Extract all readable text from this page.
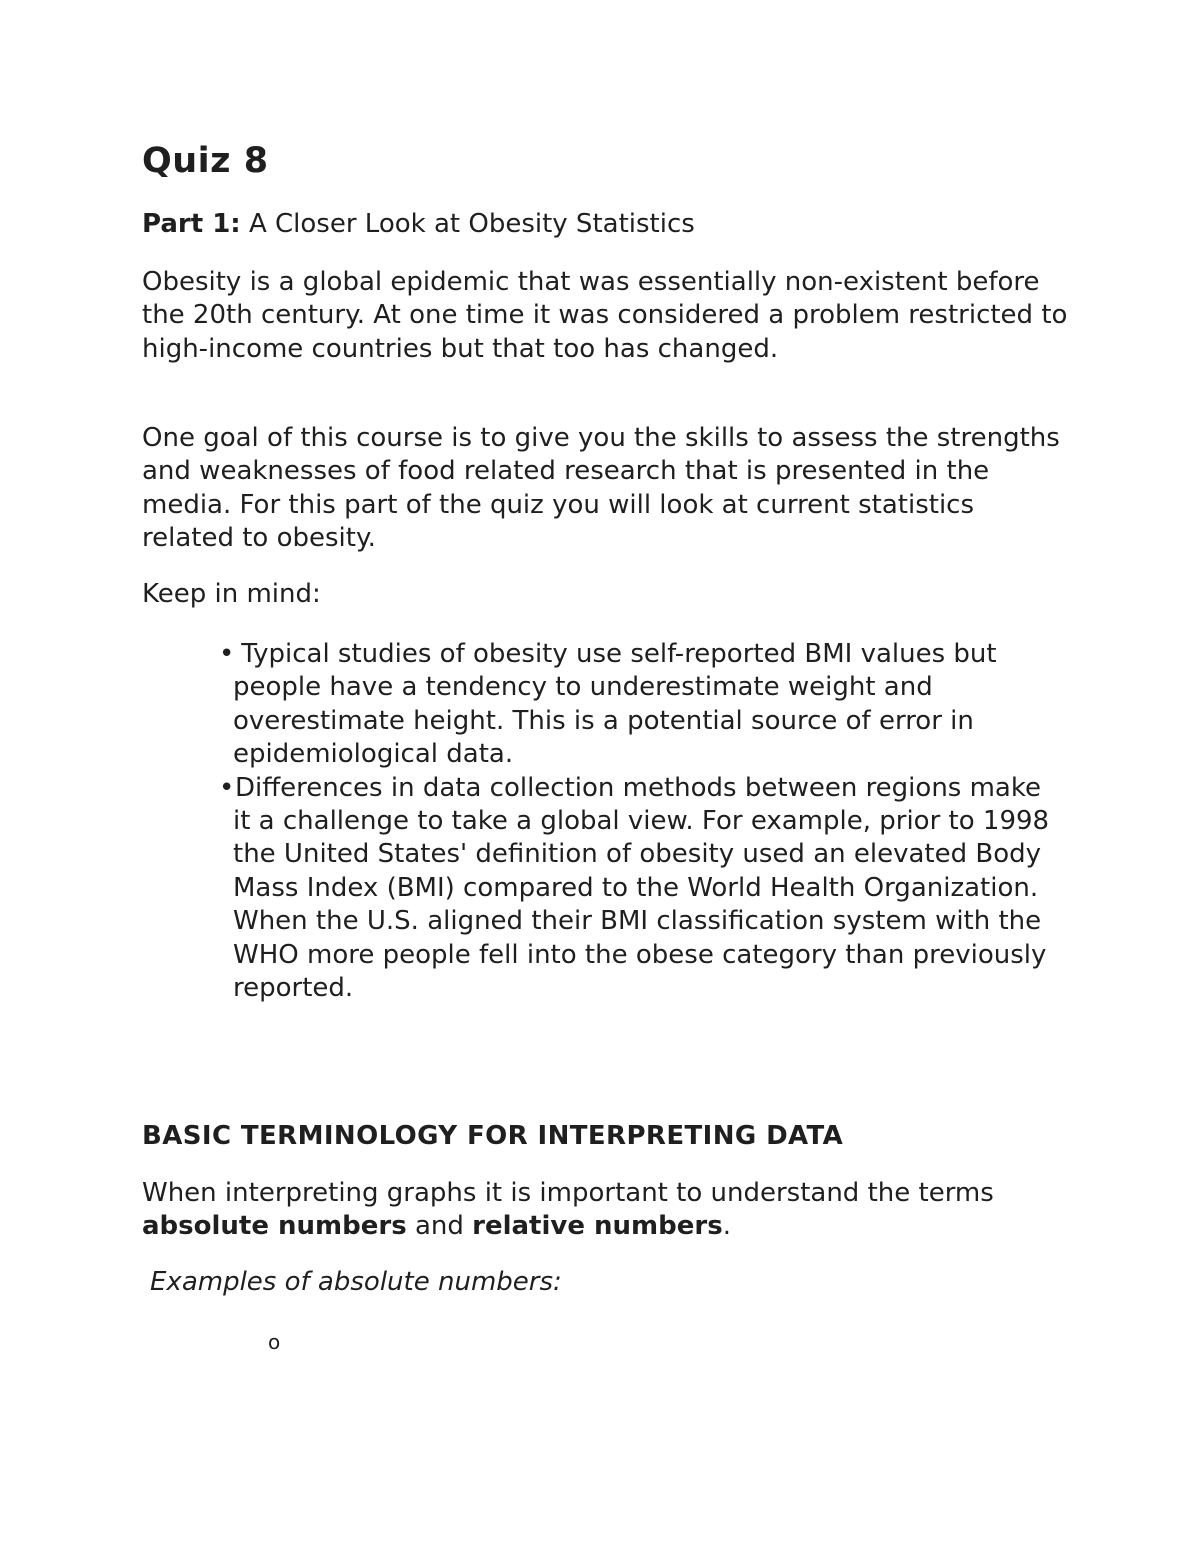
Quiz 8

Part 1: A Closer Look at Obesity Statistics

Obesity is a global epidemic that was essentially non-existent before the 20th century. At one time it was considered a problem restricted to high-income countries but that too has changed.

One goal of this course is to give you the skills to assess the strengths and weaknesses of food related research that is presented in the media. For this part of the quiz you will look at current statistics related to obesity.

Keep in mind:

• Typical studies of obesity use self-reported BMI values but people have a tendency to underestimate weight and overestimate height. This is a potential source of error in epidemiological data.
•Differences in data collection methods between regions make it a challenge to take a global view. For example, prior to 1998 the United States' definition of obesity used an elevated Body Mass Index (BMI) compared to the World Health Organization. When the U.S. aligned their BMI classification system with the WHO more people fell into the obese category than previously reported.
BASIC TERMINOLOGY FOR INTERPRETING DATA

When interpreting graphs it is important to understand the terms absolute numbers and relative numbers.

Examples of absolute numbers:

o
